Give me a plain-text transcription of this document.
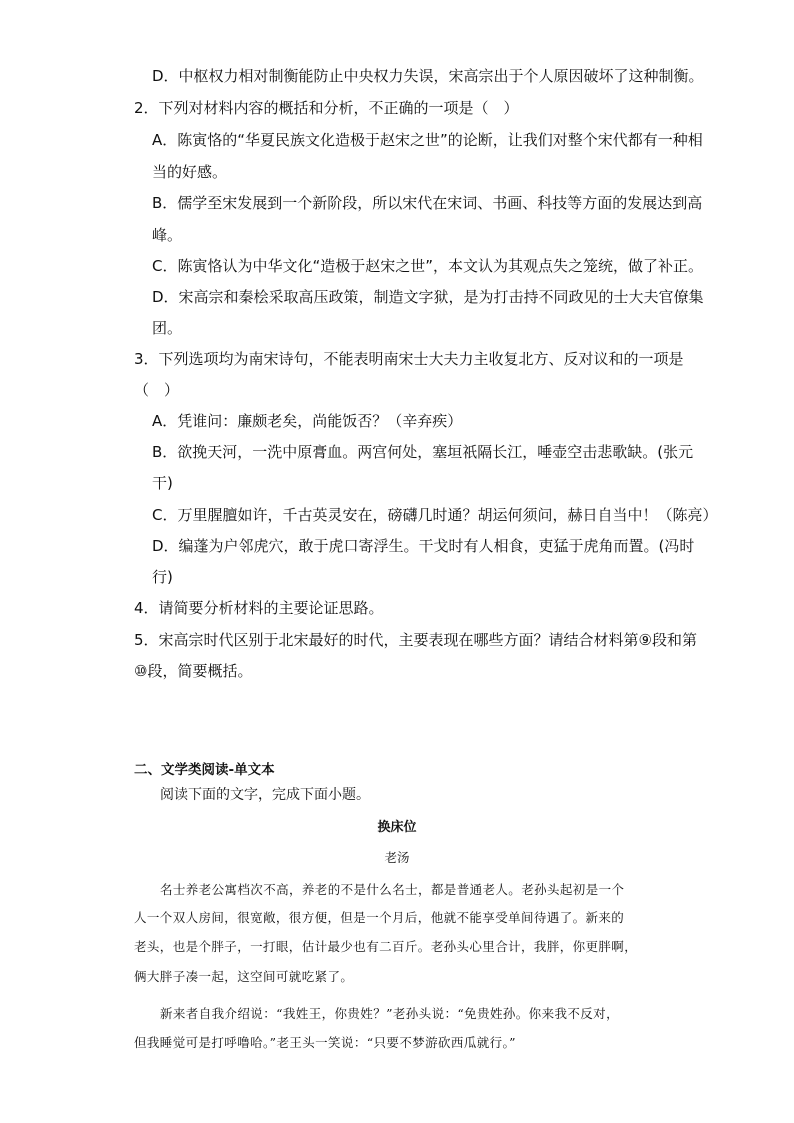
D．中枢权力相对制衡能防止中央权力失误，宋高宗出于个人原因破坏了这种制衡。
2．下列对材料内容的概括和分析，不正确的一项是（　）
A．陈寅恪的“华夏民族文化造极于赵宋之世”的论断，让我们对整个宋代都有一种相
当的好感。
B．儒学至宋发展到一个新阶段，所以宋代在宋词、书画、科技等方面的发展达到高
峰。
C．陈寅恪认为中华文化“造极于赵宋之世”，本文认为其观点失之笼统，做了补正。
D．宋高宗和秦桧采取高压政策，制造文字狱，是为打击持不同政见的士大夫官僚集
团。
3．下列选项均为南宋诗句，不能表明南宋士大夫力主收复北方、反对议和的一项是
（　）
A．凭谁问：廉颇老矣，尚能饭否？（辛弃疾）
B．欲挽天河，一洗中原膏血。两宫何处，塞垣祇隔长江，唾壶空击悲歌缺。(张元
干)
C．万里腥膻如许，千古英灵安在，磅礴几时通？胡运何须问，赫日自当中！（陈亮）
D．编蓬为户邻虎穴，敢于虎口寄浮生。干戈时有人相食，吏猛于虎角而置。(冯时
行)
4．请简要分析材料的主要论证思路。
5．宋高宗时代区别于北宋最好的时代，主要表现在哪些方面？请结合材料第⑨段和第
⑩段，简要概括。
二、文学类阅读-单文本
阅读下面的文字，完成下面小题。
换床位
老汤
名士养老公寓档次不高，养老的不是什么名士，都是普通老人。老孙头起初是一个
人一个双人房间，很宽敞，很方便，但是一个月后，他就不能享受单间待遇了。新来的
老头，也是个胖子，一打眼，估计最少也有二百斤。老孙头心里合计，我胖，你更胖啊，
俩大胖子凑一起，这空间可就吃紧了。
新来者自我介绍说：“我姓王，你贵姓？”老孙头说：“免贵姓孙。你来我不反对，
但我睡觉可是打呼噜哈。”老王头一笑说：“只要不梦游砍西瓜就行。”
